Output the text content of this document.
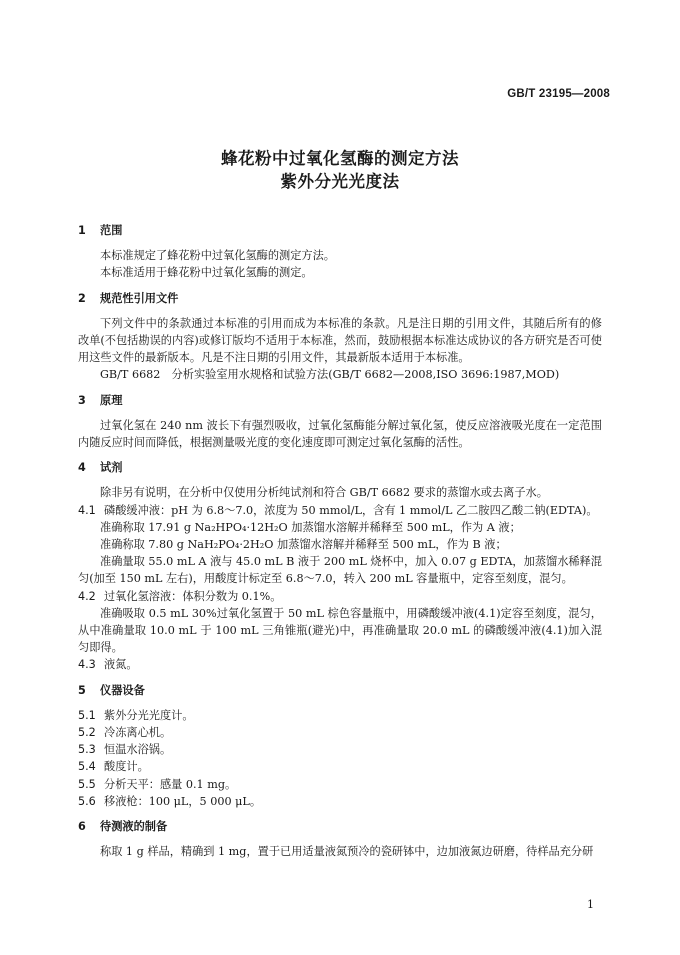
GB/T 23195—2008
蜂花粉中过氧化氢酶的测定方法
紫外分光光度法
1 范围

本标准规定了蜂花粉中过氧化氢酶的测定方法。

本标准适用于蜂花粉中过氧化氢酶的测定。

2 规范性引用文件

下列文件中的条款通过本标准的引用而成为本标准的条款。凡是注日期的引用文件，其随后所有的修改单(不包括勘误的内容)或修订版均不适用于本标准，然而，鼓励根据本标准达成协议的各方研究是否可使用这些文件的最新版本。凡是不注日期的引用文件，其最新版本适用于本标准。

GB/T 6682　分析实验室用水规格和试验方法(GB/T 6682—2008,ISO 3696:1987,MOD)

3 原理

过氧化氢在 240 nm 波长下有强烈吸收，过氧化氢酶能分解过氧化氢，使反应溶液吸光度在一定范围内随反应时间而降低，根据测量吸光度的变化速度即可测定过氧化氢酶的活性。

4 试剂

除非另有说明，在分析中仅使用分析纯试剂和符合 GB/T 6682 要求的蒸馏水或去离子水。

4.1 磷酸缓冲液：pH 为 6.8～7.0，浓度为 50 mmol/L，含有 1 mmol/L 乙二胺四乙酸二钠(EDTA)。

准确称取 17.91 g Na₂HPO₄·12H₂O 加蒸馏水溶解并稀释至 500 mL，作为 A 液；

准确称取 7.80 g NaH₂PO₄·2H₂O 加蒸馏水溶解并稀释至 500 mL，作为 B 液；

准确量取 55.0 mL A 液与 45.0 mL B 液于 200 mL 烧杯中，加入 0.07 g EDTA，加蒸馏水稀释混匀(加至 150 mL 左右)，用酸度计标定至 6.8～7.0，转入 200 mL 容量瓶中，定容至刻度，混匀。

4.2 过氧化氢溶液：体积分数为 0.1%。

准确吸取 0.5 mL 30%过氧化氢置于 50 mL 棕色容量瓶中，用磷酸缓冲液(4.1)定容至刻度，混匀，从中准确量取 10.0 mL 于 100 mL 三角锥瓶(避光)中，再准确量取 20.0 mL 的磷酸缓冲液(4.1)加入混匀即得。

4.3 液氮。

5 仪器设备

5.1 紫外分光光度计。

5.2 冷冻离心机。

5.3 恒温水浴锅。

5.4 酸度计。

5.5 分析天平：感量 0.1 mg。

5.6 移液枪：100 μL，5 000 μL。

6 待测液的制备

称取 1 g 样品，精确到 1 mg，置于已用适量液氮预冷的瓷研钵中，边加液氮边研磨，待样品充分研

1
